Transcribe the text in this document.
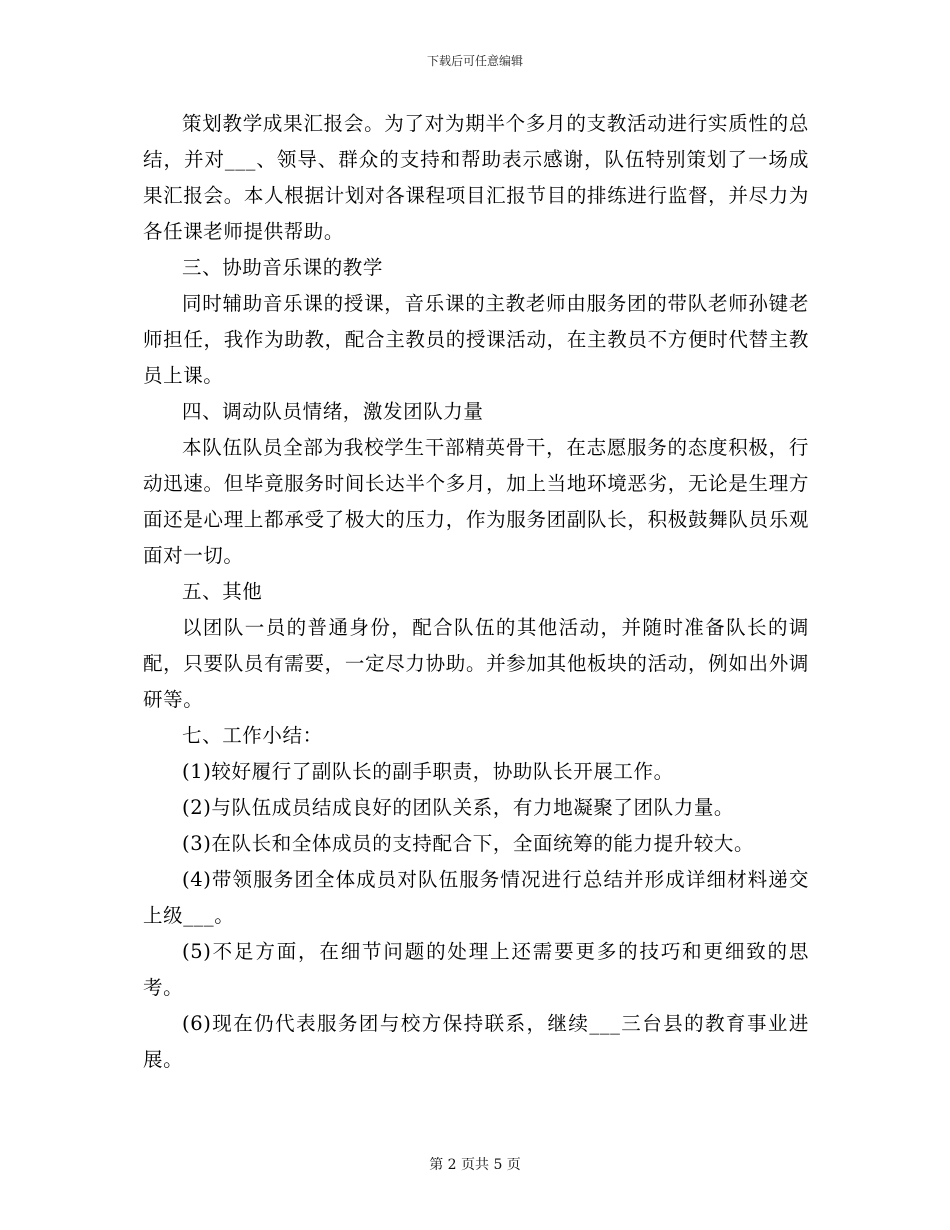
下载后可任意编辑

策划教学成果汇报会。为了对为期半个多月的支教活动进行实质性的总结，并对___、领导、群众的支持和帮助表示感谢，队伍特别策划了一场成果汇报会。本人根据计划对各课程项目汇报节目的排练进行监督，并尽力为各任课老师提供帮助。

三、协助音乐课的教学

同时辅助音乐课的授课，音乐课的主教老师由服务团的带队老师孙键老师担任，我作为助教，配合主教员的授课活动，在主教员不方便时代替主教员上课。

四、调动队员情绪，激发团队力量

本队伍队员全部为我校学生干部精英骨干，在志愿服务的态度积极，行动迅速。但毕竟服务时间长达半个多月，加上当地环境恶劣，无论是生理方面还是心理上都承受了极大的压力，作为服务团副队长，积极鼓舞队员乐观面对一切。

五、其他

以团队一员的普通身份，配合队伍的其他活动，并随时准备队长的调配，只要队员有需要，一定尽力协助。并参加其他板块的活动，例如出外调研等。

七、工作小结：

(1)较好履行了副队长的副手职责，协助队长开展工作。

(2)与队伍成员结成良好的团队关系，有力地凝聚了团队力量。

(3)在队长和全体成员的支持配合下，全面统筹的能力提升较大。

(4)带领服务团全体成员对队伍服务情况进行总结并形成详细材料递交上级___。

(5)不足方面，在细节问题的处理上还需要更多的技巧和更细致的思考。

(6)现在仍代表服务团与校方保持联系，继续___三台县的教育事业进展。

第 2 页共 5 页
